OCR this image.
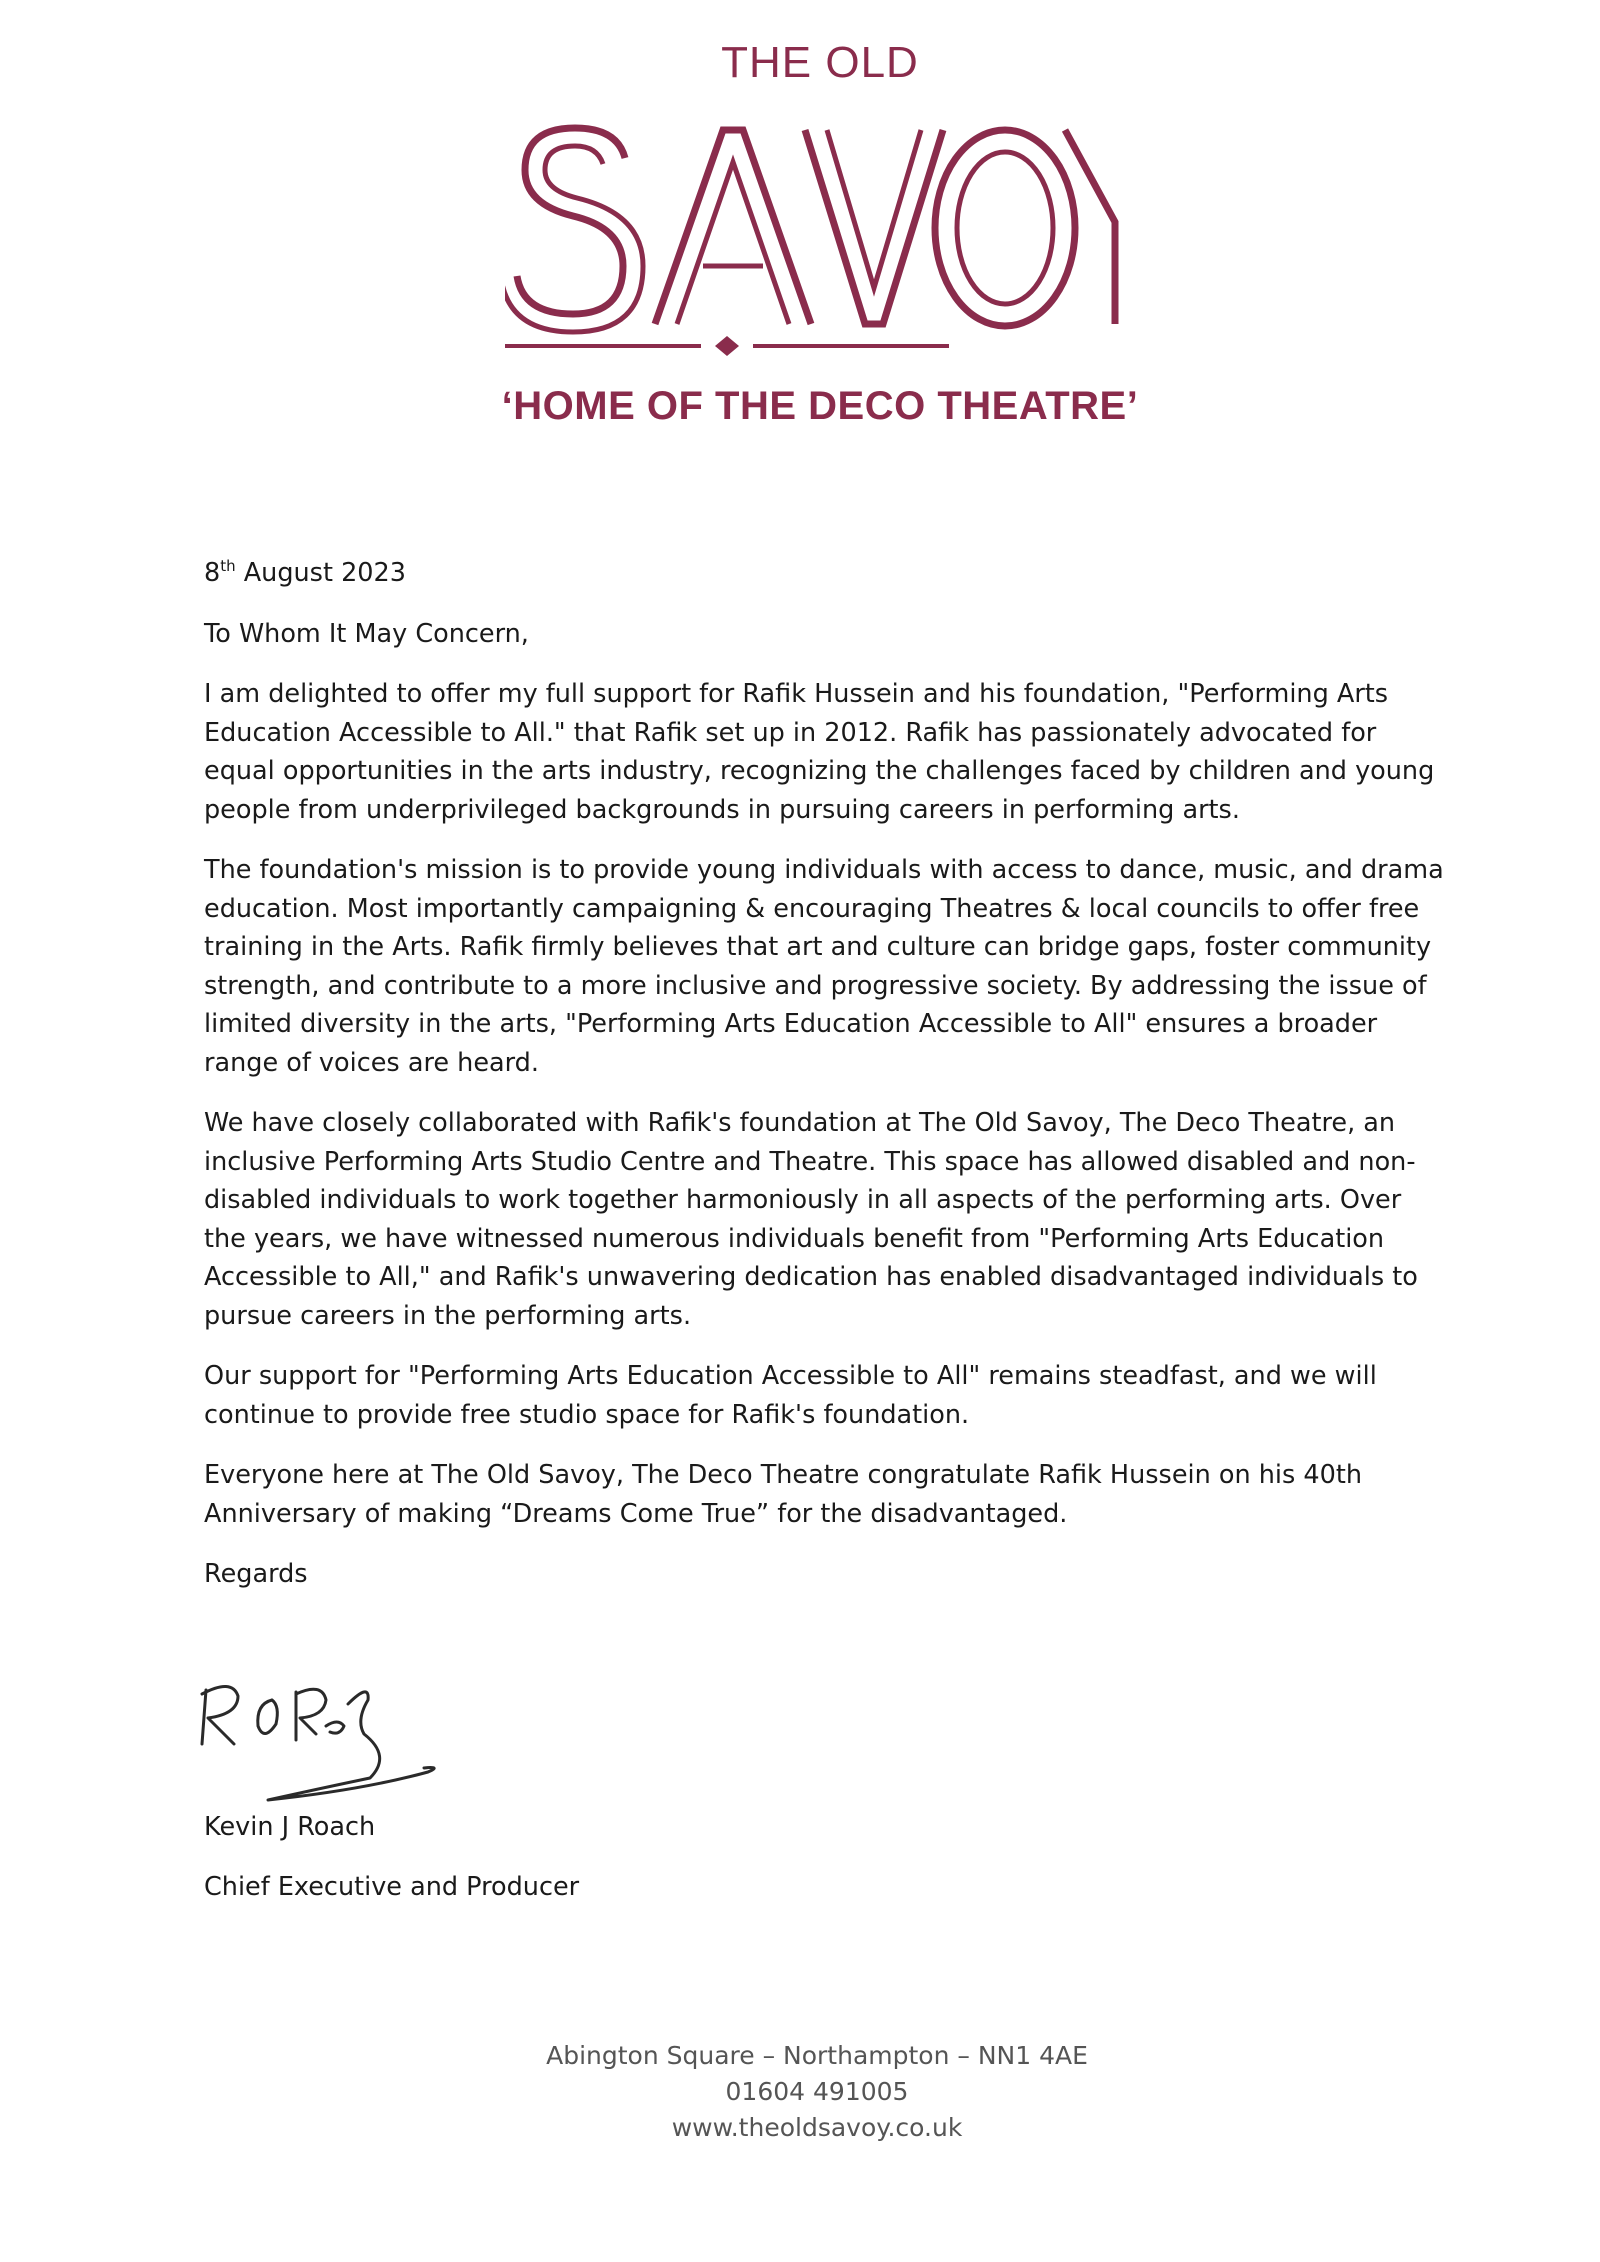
THE OLD
‘HOME OF THE DECO THEATRE’

8th August 2023

To Whom It May Concern,

I am delighted to offer my full support for Rafik Hussein and his foundation, "Performing Arts Education Accessible to All." that Rafik set up in 2012. Rafik has passionately advocated for equal opportunities in the arts industry, recognizing the challenges faced by children and young people from underprivileged backgrounds in pursuing careers in performing arts.

The foundation's mission is to provide young individuals with access to dance, music, and drama education. Most importantly campaigning & encouraging Theatres & local councils to offer free training in the Arts. Rafik firmly believes that art and culture can bridge gaps, foster community strength, and contribute to a more inclusive and progressive society. By addressing the issue of limited diversity in the arts, "Performing Arts Education Accessible to All" ensures a broader range of voices are heard.

We have closely collaborated with Rafik's foundation at The Old Savoy, The Deco Theatre, an inclusive Performing Arts Studio Centre and Theatre. This space has allowed disabled and non-disabled individuals to work together harmoniously in all aspects of the performing arts. Over the years, we have witnessed numerous individuals benefit from "Performing Arts Education Accessible to All," and Rafik's unwavering dedication has enabled disadvantaged individuals to pursue careers in the performing arts.

Our support for "Performing Arts Education Accessible to All" remains steadfast, and we will continue to provide free studio space for Rafik's foundation.

Everyone here at The Old Savoy, The Deco Theatre congratulate Rafik Hussein on his 40th Anniversary of making “Dreams Come True” for the disadvantaged.

Regards

Kevin J Roach
Chief Executive and Producer
Abington Square – Northampton – NN1 4AE
01604 491005
www.theoldsavoy.co.uk
